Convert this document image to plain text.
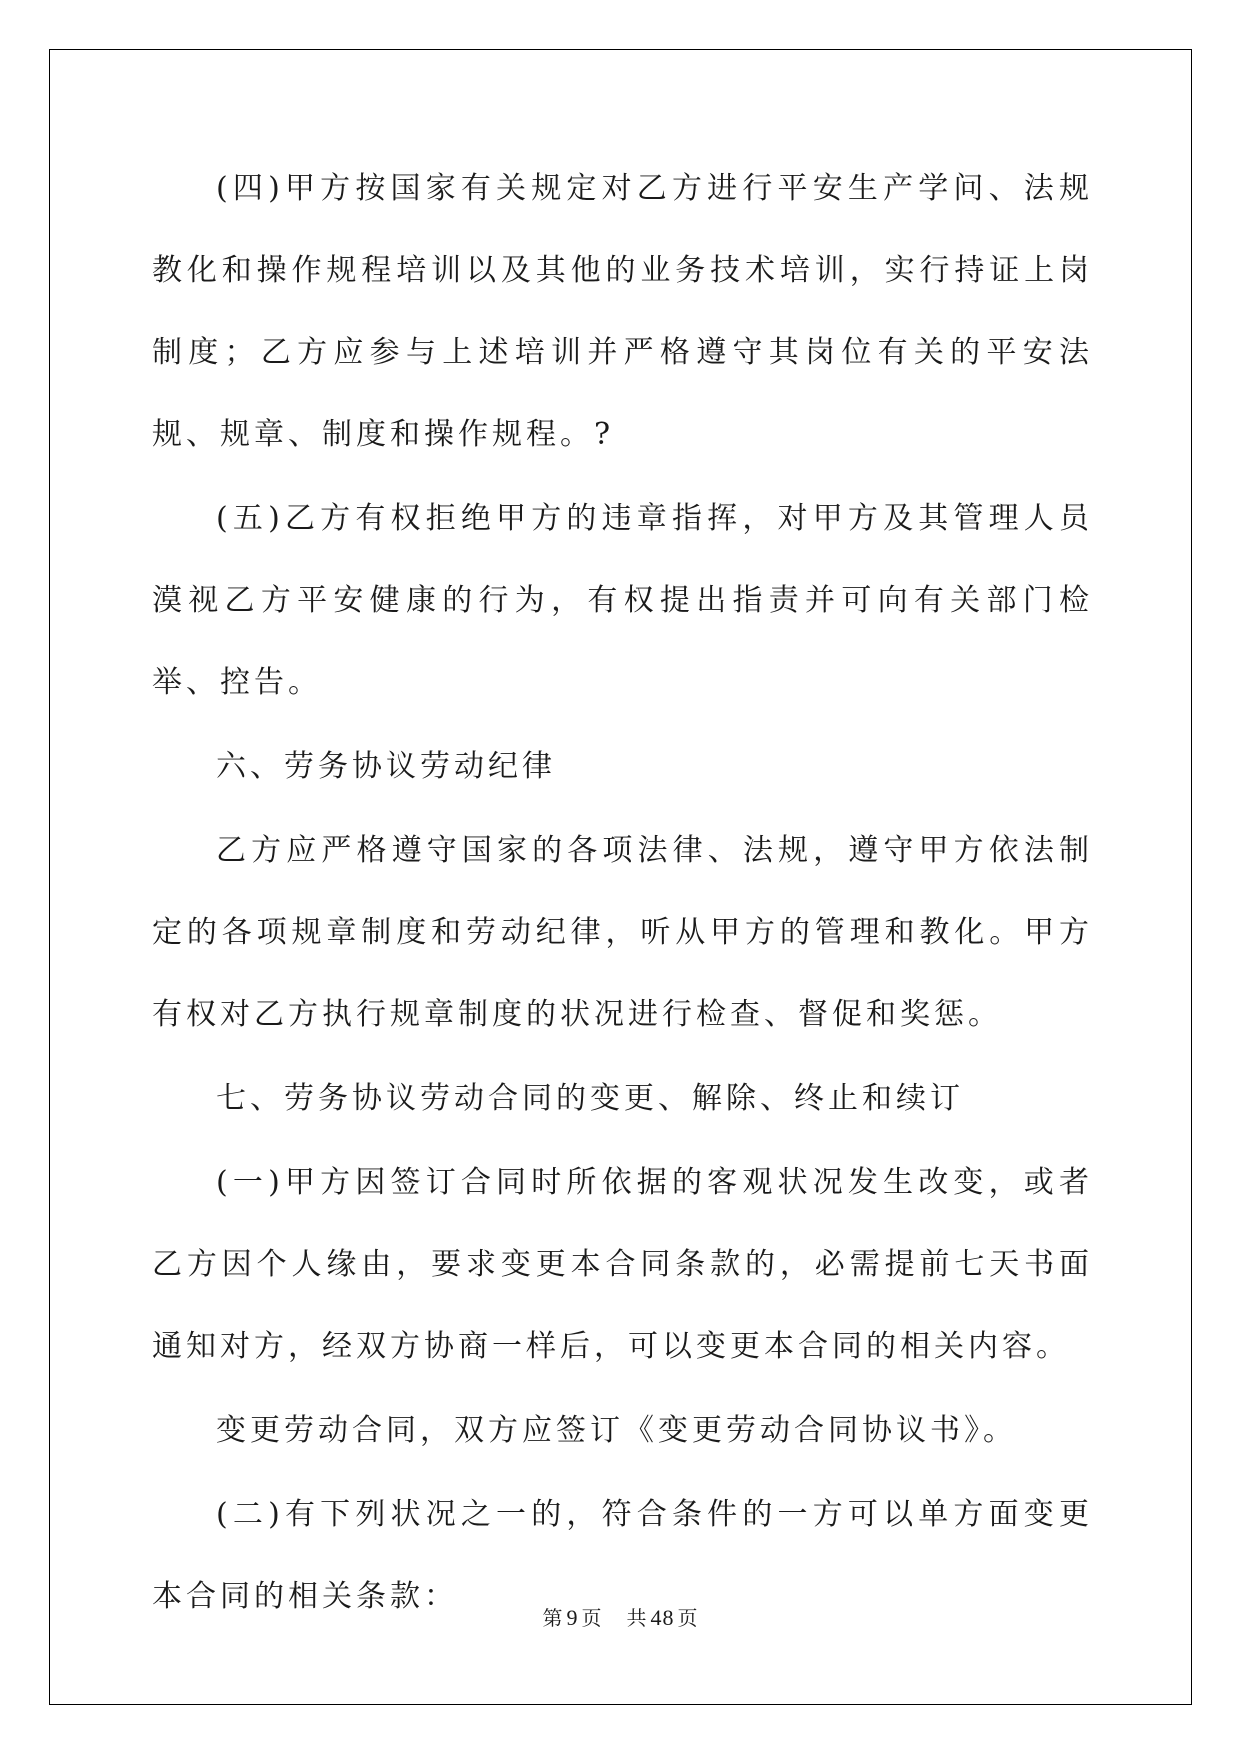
(四)甲方按国家有关规定对乙方进行平安生产学问、法规教化和操作规程培训以及其他的业务技术培训，实行持证上岗制度；乙方应参与上述培训并严格遵守其岗位有关的平安法规、规章、制度和操作规程。?

(五)乙方有权拒绝甲方的违章指挥，对甲方及其管理人员漠视乙方平安健康的行为，有权提出指责并可向有关部门检举、控告。

六、劳务协议劳动纪律

乙方应严格遵守国家的各项法律、法规，遵守甲方依法制定的各项规章制度和劳动纪律，听从甲方的管理和教化。甲方有权对乙方执行规章制度的状况进行检查、督促和奖惩。

七、劳务协议劳动合同的变更、解除、终止和续订

(一)甲方因签订合同时所依据的客观状况发生改变，或者乙方因个人缘由，要求变更本合同条款的，必需提前七天书面通知对方，经双方协商一样后，可以变更本合同的相关内容。

变更劳动合同，双方应签订《变更劳动合同协议书》。

(二)有下列状况之一的，符合条件的一方可以单方面变更本合同的相关条款：

第 9 页 共 48 页
